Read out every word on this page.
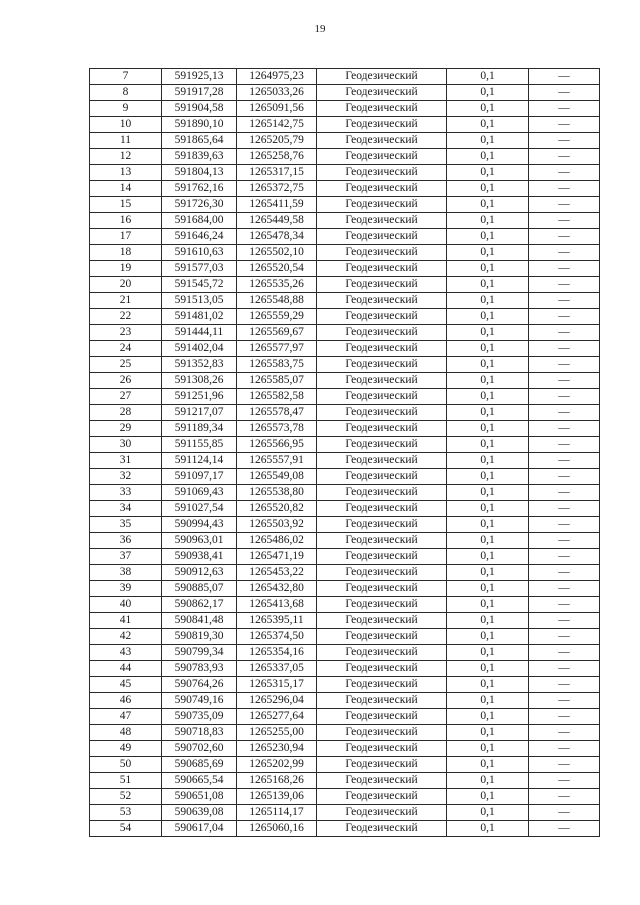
19
7	591925,13	1264975,23	Геодезический	0,1	—
8	591917,28	1265033,26	Геодезический	0,1	—
9	591904,58	1265091,56	Геодезический	0,1	—
10	591890,10	1265142,75	Геодезический	0,1	—
11	591865,64	1265205,79	Геодезический	0,1	—
12	591839,63	1265258,76	Геодезический	0,1	—
13	591804,13	1265317,15	Геодезический	0,1	—
14	591762,16	1265372,75	Геодезический	0,1	—
15	591726,30	1265411,59	Геодезический	0,1	—
16	591684,00	1265449,58	Геодезический	0,1	—
17	591646,24	1265478,34	Геодезический	0,1	—
18	591610,63	1265502,10	Геодезический	0,1	—
19	591577,03	1265520,54	Геодезический	0,1	—
20	591545,72	1265535,26	Геодезический	0,1	—
21	591513,05	1265548,88	Геодезический	0,1	—
22	591481,02	1265559,29	Геодезический	0,1	—
23	591444,11	1265569,67	Геодезический	0,1	—
24	591402,04	1265577,97	Геодезический	0,1	—
25	591352,83	1265583,75	Геодезический	0,1	—
26	591308,26	1265585,07	Геодезический	0,1	—
27	591251,96	1265582,58	Геодезический	0,1	—
28	591217,07	1265578,47	Геодезический	0,1	—
29	591189,34	1265573,78	Геодезический	0,1	—
30	591155,85	1265566,95	Геодезический	0,1	—
31	591124,14	1265557,91	Геодезический	0,1	—
32	591097,17	1265549,08	Геодезический	0,1	—
33	591069,43	1265538,80	Геодезический	0,1	—
34	591027,54	1265520,82	Геодезический	0,1	—
35	590994,43	1265503,92	Геодезический	0,1	—
36	590963,01	1265486,02	Геодезический	0,1	—
37	590938,41	1265471,19	Геодезический	0,1	—
38	590912,63	1265453,22	Геодезический	0,1	—
39	590885,07	1265432,80	Геодезический	0,1	—
40	590862,17	1265413,68	Геодезический	0,1	—
41	590841,48	1265395,11	Геодезический	0,1	—
42	590819,30	1265374,50	Геодезический	0,1	—
43	590799,34	1265354,16	Геодезический	0,1	—
44	590783,93	1265337,05	Геодезический	0,1	—
45	590764,26	1265315,17	Геодезический	0,1	—
46	590749,16	1265296,04	Геодезический	0,1	—
47	590735,09	1265277,64	Геодезический	0,1	—
48	590718,83	1265255,00	Геодезический	0,1	—
49	590702,60	1265230,94	Геодезический	0,1	—
50	590685,69	1265202,99	Геодезический	0,1	—
51	590665,54	1265168,26	Геодезический	0,1	—
52	590651,08	1265139,06	Геодезический	0,1	—
53	590639,08	1265114,17	Геодезический	0,1	—
54	590617,04	1265060,16	Геодезический	0,1	—
